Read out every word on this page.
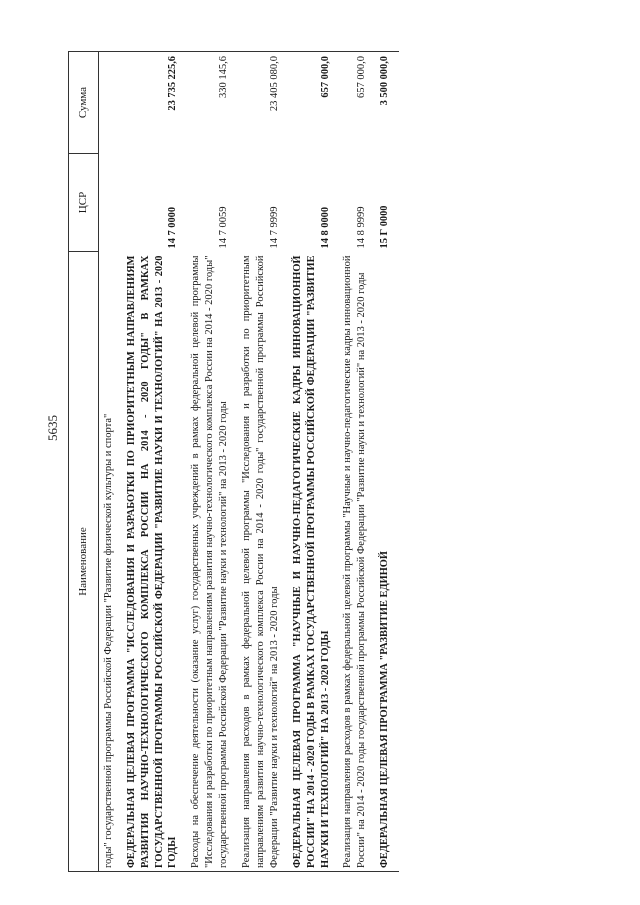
5635
Наименование	ЦСР	Сумма
годы" государственной программы Российской Федерации "Развитие физической культуры и спорта"		
ФЕДЕРАЛЬНАЯ ЦЕЛЕВАЯ ПРОГРАММА "ИССЛЕДОВАНИЯ И РАЗРАБОТКИ ПО ПРИОРИТЕТНЫМ НАПРАВЛЕНИЯМ РАЗВИТИЯ НАУЧНО-ТЕХНОЛОГИЧЕСКОГО КОМПЛЕКСА РОССИИ НА 2014 - 2020 ГОДЫ" В РАМКАХ ГОСУДАРСТВЕННОЙ ПРОГРАММЫ РОССИЙСКОЙ ФЕДЕРАЦИИ "РАЗВИТИЕ НАУКИ И ТЕХНОЛОГИЙ" НА 2013 - 2020 ГОДЫ	14 7 0000	23 735 225,6
Расходы на обеспечение деятельности (оказание услуг) государственных учреждений в рамках федеральной целевой программы "Исследования и разработки по приоритетным направлениям развития научно-технологического комплекса России на 2014 - 2020 годы" государственной программы Российской Федерации "Развитие науки и технологий" на 2013 - 2020 годы	14 7 0059	330 145,6
Реализация направления расходов в рамках федеральной целевой программы "Исследования и разработки по приоритетным направлениям развития научно-технологического комплекса России на 2014 - 2020 годы" государственной программы Российской Федерации "Развитие науки и технологий" на 2013 - 2020 годы	14 7 9999	23 405 080,0
ФЕДЕРАЛЬНАЯ ЦЕЛЕВАЯ ПРОГРАММА "НАУЧНЫЕ И НАУЧНО-ПЕДАГОГИЧЕСКИЕ КАДРЫ ИННОВАЦИОННОЙ РОССИИ" НА 2014 - 2020 ГОДЫ В РАМКАХ ГОСУДАРСТВЕННОЙ ПРОГРАММЫ РОССИЙСКОЙ ФЕДЕРАЦИИ "РАЗВИТИЕ НАУКИ И ТЕХНОЛОГИЙ" НА 2013 - 2020 ГОДЫ	14 8 0000	657 000,0
Реализация направления расходов в рамках федеральной целевой программы "Научные и научно-педагогические кадры инновационной России" на 2014 - 2020 годы государственной программы Российской Федерации "Развитие науки и технологий" на 2013 - 2020 годы	14 8 9999	657 000,0
ФЕДЕРАЛЬНАЯ ЦЕЛЕВАЯ ПРОГРАММА "РАЗВИТИЕ ЕДИНОЙ	15 Г 0000	3 500 000,0
